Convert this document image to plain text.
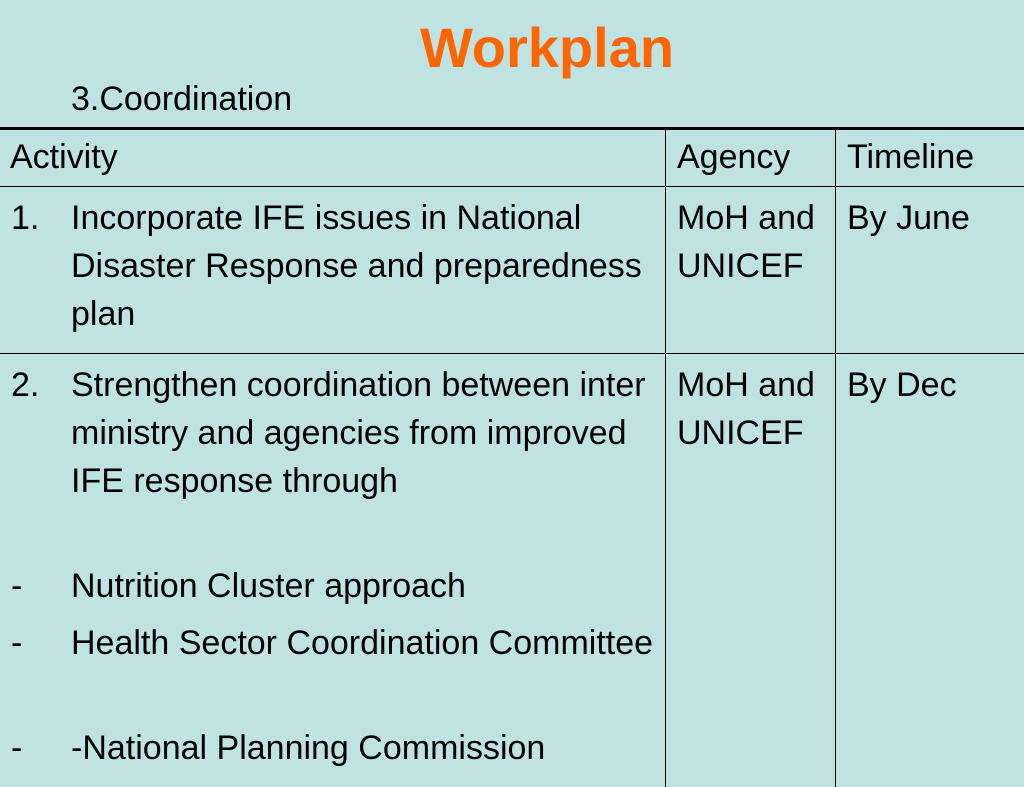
Workplan

3.Coordination

Activity	Agency Timeline
1. Incorporate IFE issues in National Disaster Response and preparedness plan
MoH and UNICEF
By June
2. Strengthen coordination between inter ministry and agencies from improved IFE response through
- Nutrition Cluster approach
- Health Sector Coordination Committee
- -National Planning Commission
MoH and UNICEF
By Dec
